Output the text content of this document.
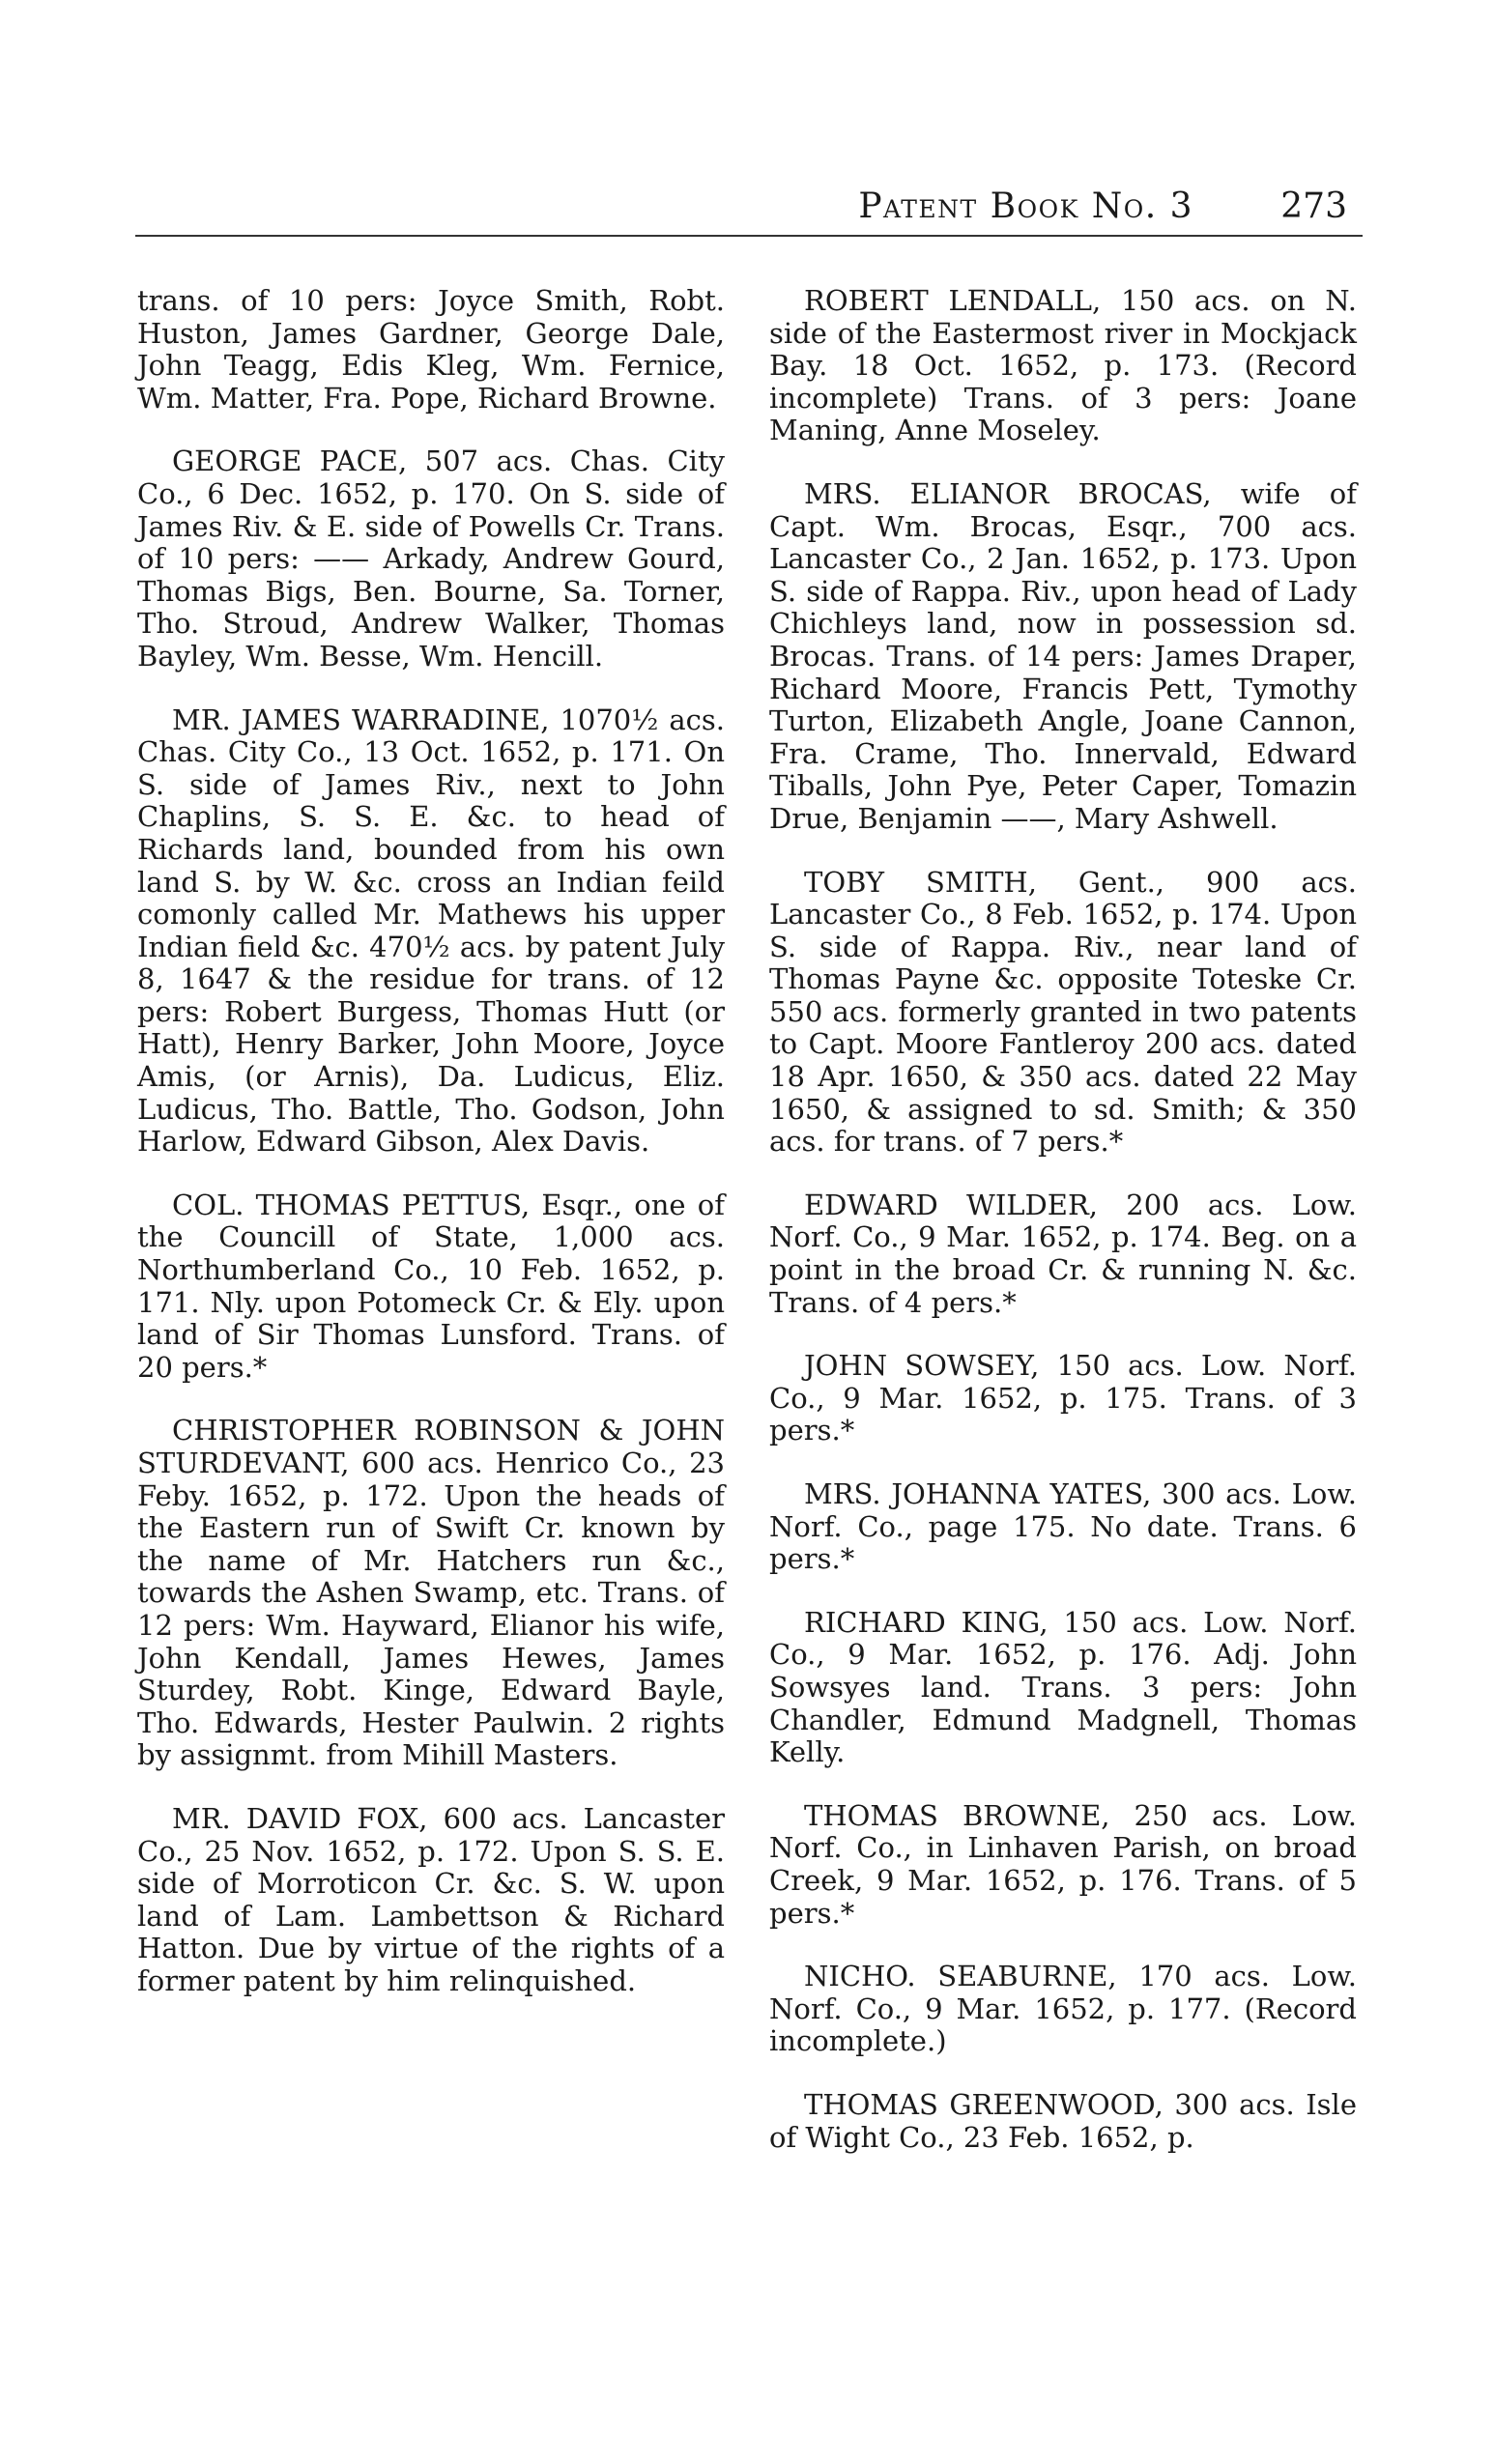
Patent Book No. 3	273

trans. of 10 pers: Joyce Smith, Robt. Huston, James Gardner, George Dale, John Teagg, Edis Kleg, Wm. Fernice, Wm. Matter, Fra. Pope, Richard Browne.

GEORGE PACE, 507 acs. Chas. City Co., 6 Dec. 1652, p. 170. On S. side of James Riv. & E. side of Powells Cr. Trans. of 10 pers: —— Arkady, Andrew Gourd, Thomas Bigs, Ben. Bourne, Sa. Torner, Tho. Stroud, Andrew Walker, Thomas Bayley, Wm. Besse, Wm. Hencill.

MR. JAMES WARRADINE, 1070½ acs. Chas. City Co., 13 Oct. 1652, p. 171. On S. side of James Riv., next to John Chaplins, S. S. E. &c. to head of Richards land, bounded from his own land S. by W. &c. cross an Indian feild comonly called Mr. Mathews his upper Indian field &c. 470½ acs. by patent July 8, 1647 & the residue for trans. of 12 pers: Robert Burgess, Thomas Hutt (or Hatt), Henry Barker, John Moore, Joyce Amis, (or Arnis), Da. Ludicus, Eliz. Ludicus, Tho. Battle, Tho. Godson, John Harlow, Edward Gibson, Alex Davis.

COL. THOMAS PETTUS, Esqr., one of the Councill of State, 1,000 acs. Northumberland Co., 10 Feb. 1652, p. 171. Nly. upon Potomeck Cr. & Ely. upon land of Sir Thomas Lunsford. Trans. of 20 pers.*

CHRISTOPHER ROBINSON & JOHN STURDEVANT, 600 acs. Henrico Co., 23 Feby. 1652, p. 172. Upon the heads of the Eastern run of Swift Cr. known by the name of Mr. Hatchers run &c., towards the Ashen Swamp, etc. Trans. of 12 pers: Wm. Hayward, Elianor his wife, John Kendall, James Hewes, James Sturdey, Robt. Kinge, Edward Bayle, Tho. Edwards, Hester Paulwin. 2 rights by assignmt. from Mihill Masters.

MR. DAVID FOX, 600 acs. Lancaster Co., 25 Nov. 1652, p. 172. Upon S. S. E. side of Morroticon Cr. &c. S. W. upon land of Lam. Lambettson & Richard Hatton. Due by virtue of the rights of a former patent by him relinquished.

ROBERT LENDALL, 150 acs. on N. side of the Eastermost river in Mockjack Bay. 18 Oct. 1652, p. 173. (Record incomplete) Trans. of 3 pers: Joane Maning, Anne Moseley.

MRS. ELIANOR BROCAS, wife of Capt. Wm. Brocas, Esqr., 700 acs. Lancaster Co., 2 Jan. 1652, p. 173. Upon S. side of Rappa. Riv., upon head of Lady Chichleys land, now in possession sd. Brocas. Trans. of 14 pers: James Draper, Richard Moore, Francis Pett, Tymothy Turton, Elizabeth Angle, Joane Cannon, Fra. Crame, Tho. Innervald, Edward Tiballs, John Pye, Peter Caper, Tomazin Drue, Benjamin ——, Mary Ashwell.

TOBY SMITH, Gent., 900 acs. Lancaster Co., 8 Feb. 1652, p. 174. Upon S. side of Rappa. Riv., near land of Thomas Payne &c. opposite Toteske Cr. 550 acs. formerly granted in two patents to Capt. Moore Fantleroy 200 acs. dated 18 Apr. 1650, & 350 acs. dated 22 May 1650, & assigned to sd. Smith; & 350 acs. for trans. of 7 pers.*

EDWARD WILDER, 200 acs. Low. Norf. Co., 9 Mar. 1652, p. 174. Beg. on a point in the broad Cr. & running N. &c. Trans. of 4 pers.*

JOHN SOWSEY, 150 acs. Low. Norf. Co., 9 Mar. 1652, p. 175. Trans. of 3 pers.*

MRS. JOHANNA YATES, 300 acs. Low. Norf. Co., page 175. No date. Trans. 6 pers.*

RICHARD KING, 150 acs. Low. Norf. Co., 9 Mar. 1652, p. 176. Adj. John Sowsyes land. Trans. 3 pers: John Chandler, Edmund Madgnell, Thomas Kelly.

THOMAS BROWNE, 250 acs. Low. Norf. Co., in Linhaven Parish, on broad Creek, 9 Mar. 1652, p. 176. Trans. of 5 pers.*

NICHO. SEABURNE, 170 acs. Low. Norf. Co., 9 Mar. 1652, p. 177. (Record incomplete.)

THOMAS GREENWOOD, 300 acs. Isle of Wight Co., 23 Feb. 1652, p.
